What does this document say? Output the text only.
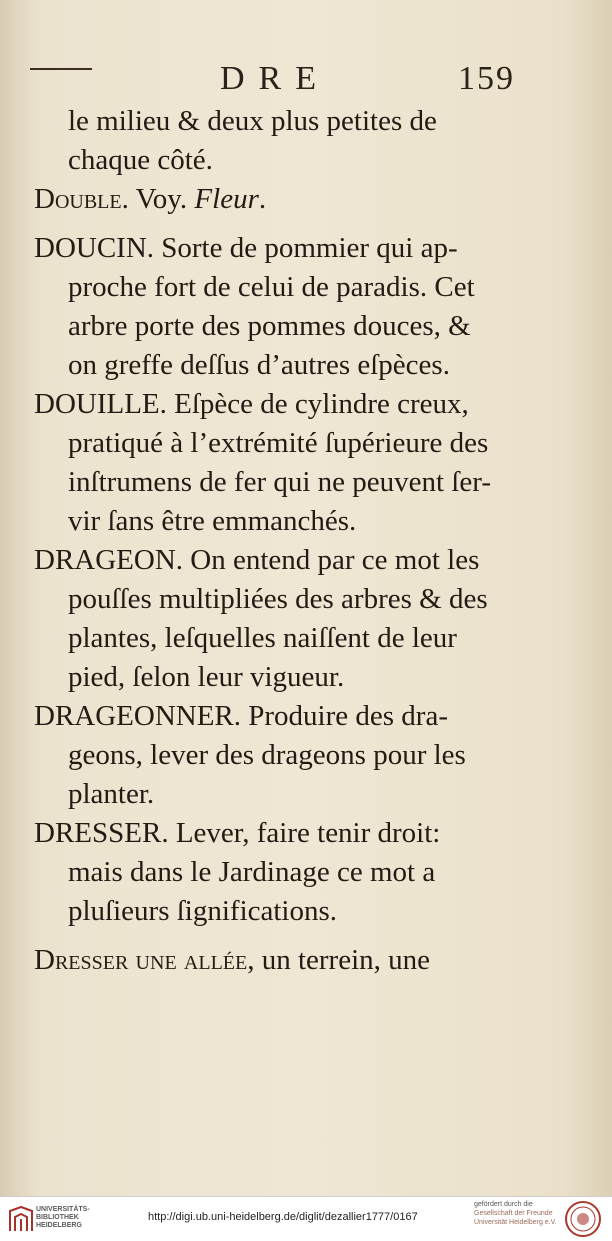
DRE	159
le milieu & deux plus petites de
chaque côté.
Double. Voy. Fleur.
DOUCIN. Sorte de pommier qui ap-
proche fort de celui de paradis. Cet
arbre porte des pommes douces, &
on greffe deſſus d’autres eſpèces.
DOUILLE. Eſpèce de cylindre creux,
pratiqué à l’extrémité ſupérieure des
inſtrumens de fer qui ne peuvent ſer-
vir ſans être emmanchés.
DRAGEON. On entend par ce mot les
pouſſes multipliées des arbres & des
plantes, leſquelles naiſſent de leur
pied, ſelon leur vigueur.
DRAGEONNER. Produire des dra-
geons, lever des drageons pour les
planter.
DRESSER. Lever, faire tenir droit:
mais dans le Jardinage ce mot a
pluſieurs ſignifications.
Dresser une allée, un terrein, une
UNIVERSITÄTS-
BIBLIOTHEK
HEIDELBERG
http://digi.ub.uni-heidelberg.de/diglit/dezallier1777/0167
gefördert durch die
Gesellschaft der Freunde
Universität Heidelberg e.V.
